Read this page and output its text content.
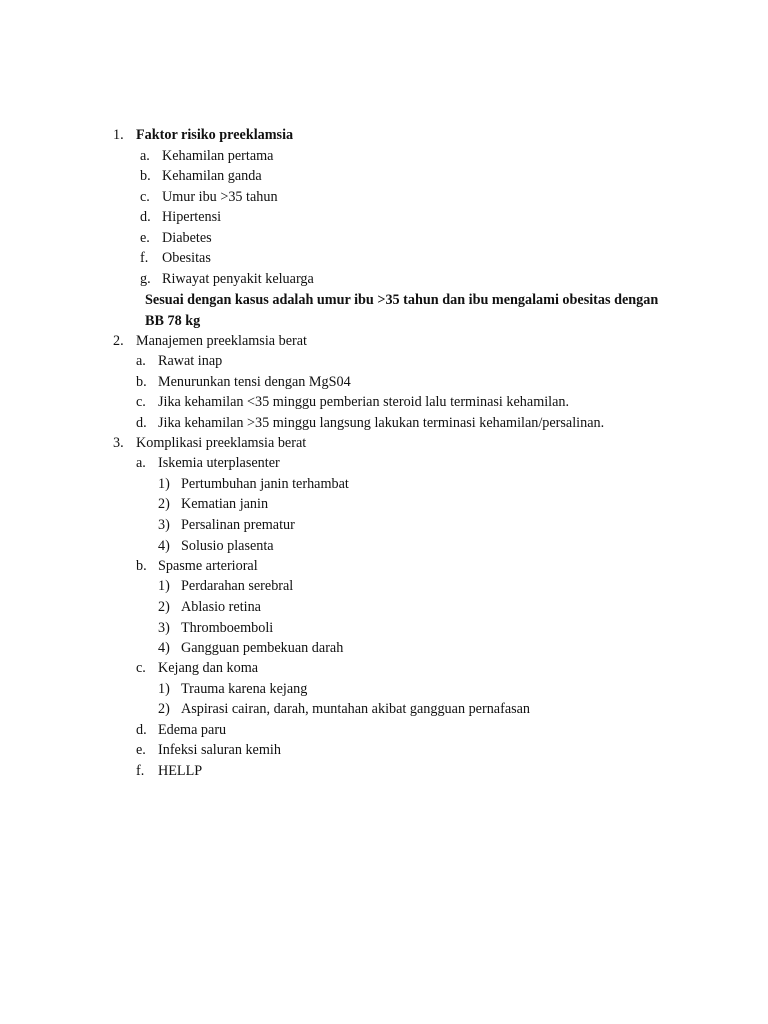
1. Faktor risiko preeklamsia
a. Kehamilan pertama
b. Kehamilan ganda
c. Umur ibu >35 tahun
d. Hipertensi
e. Diabetes
f. Obesitas
g. Riwayat penyakit keluarga
Sesuai dengan kasus adalah umur ibu >35 tahun dan ibu mengalami obesitas dengan BB 78 kg
2. Manajemen preeklamsia berat
a. Rawat inap
b. Menurunkan tensi dengan MgS04
c. Jika kehamilan <35 minggu pemberian steroid lalu terminasi kehamilan.
d. Jika kehamilan >35 minggu langsung lakukan terminasi kehamilan/persalinan.
3. Komplikasi preeklamsia berat
a. Iskemia uterplasenter
1) Pertumbuhan janin terhambat
2) Kematian janin
3) Persalinan prematur
4) Solusio plasenta
b. Spasme arterioral
1) Perdarahan serebral
2) Ablasio retina
3) Thromboemboli
4) Gangguan pembekuan darah
c. Kejang dan koma
1) Trauma karena kejang
2) Aspirasi cairan, darah, muntahan akibat gangguan pernafasan
d. Edema paru
e. Infeksi saluran kemih
f. HELLP
